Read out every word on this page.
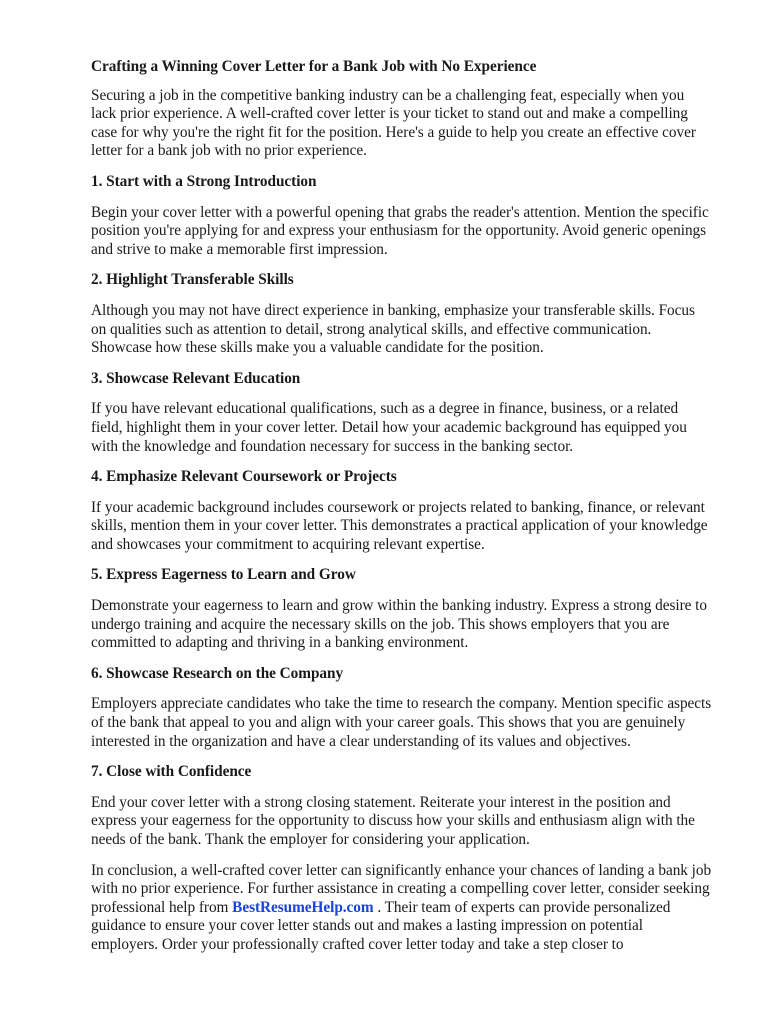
Crafting a Winning Cover Letter for a Bank Job with No Experience

Securing a job in the competitive banking industry can be a challenging feat, especially when you lack prior experience. A well-crafted cover letter is your ticket to stand out and make a compelling case for why you're the right fit for the position. Here's a guide to help you create an effective cover letter for a bank job with no prior experience.

1. Start with a Strong Introduction

Begin your cover letter with a powerful opening that grabs the reader's attention. Mention the specific position you're applying for and express your enthusiasm for the opportunity. Avoid generic openings and strive to make a memorable first impression.

2. Highlight Transferable Skills

Although you may not have direct experience in banking, emphasize your transferable skills. Focus on qualities such as attention to detail, strong analytical skills, and effective communication. Showcase how these skills make you a valuable candidate for the position.

3. Showcase Relevant Education

If you have relevant educational qualifications, such as a degree in finance, business, or a related field, highlight them in your cover letter. Detail how your academic background has equipped you with the knowledge and foundation necessary for success in the banking sector.

4. Emphasize Relevant Coursework or Projects

If your academic background includes coursework or projects related to banking, finance, or relevant skills, mention them in your cover letter. This demonstrates a practical application of your knowledge and showcases your commitment to acquiring relevant expertise.

5. Express Eagerness to Learn and Grow

Demonstrate your eagerness to learn and grow within the banking industry. Express a strong desire to undergo training and acquire the necessary skills on the job. This shows employers that you are committed to adapting and thriving in a banking environment.

6. Showcase Research on the Company

Employers appreciate candidates who take the time to research the company. Mention specific aspects of the bank that appeal to you and align with your career goals. This shows that you are genuinely interested in the organization and have a clear understanding of its values and objectives.

7. Close with Confidence

End your cover letter with a strong closing statement. Reiterate your interest in the position and express your eagerness for the opportunity to discuss how your skills and enthusiasm align with the needs of the bank. Thank the employer for considering your application.

In conclusion, a well-crafted cover letter can significantly enhance your chances of landing a bank job with no prior experience. For further assistance in creating a compelling cover letter, consider seeking professional help from BestResumeHelp.com . Their team of experts can provide personalized guidance to ensure your cover letter stands out and makes a lasting impression on potential employers. Order your professionally crafted cover letter today and take a step closer to
